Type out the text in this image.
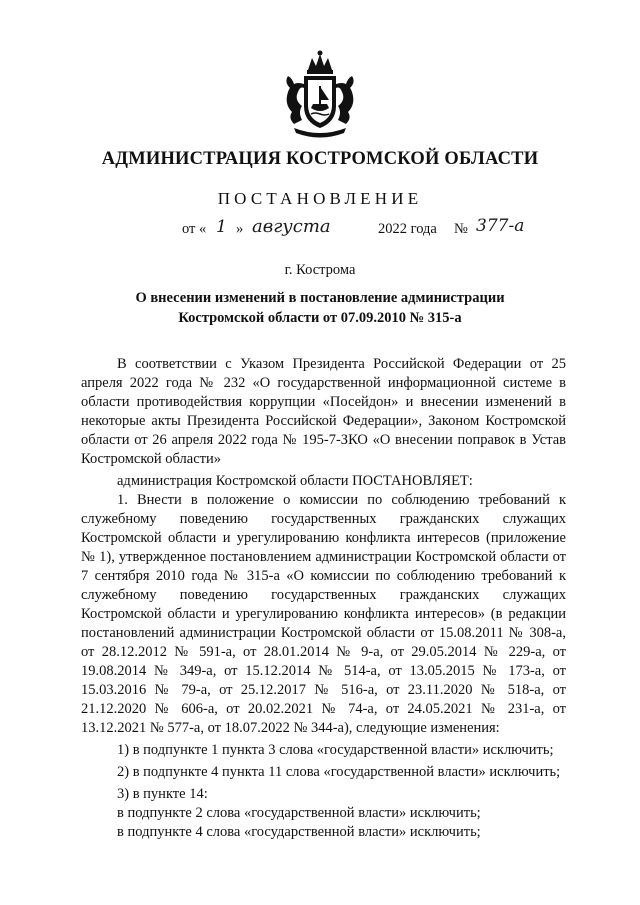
АДМИНИСТРАЦИЯ КОСТРОМСКОЙ ОБЛАСТИ
ПОСТАНОВЛЕНИЕ
от « 1 » августа	2022 года № 377-а
г. Кострома
О внесении изменений в постановление администрации
Костромской области от 07.09.2010 № 315-а

В соответствии с Указом Президента Российской Федерации от 25 апреля 2022 года № 232 «О государственной информационной системе в области противодействия коррупции «Посейдон» и внесении изменений в некоторые акты Президента Российской Федерации», Законом Костромской области от 26 апреля 2022 года № 195-7-ЗКО «О внесении поправок в Устав Костромской области»

администрация Костромской области ПОСТАНОВЛЯЕТ:

1. Внести в положение о комиссии по соблюдению требований к служебному поведению государственных гражданских служащих Костромской области и урегулированию конфликта интересов (приложение № 1), утвержденное постановлением администрации Костромской области от 7 сентября 2010 года № 315-а «О комиссии по соблюдению требований к служебному поведению государственных гражданских служащих Костромской области и урегулированию конфликта интересов» (в редакции постановлений администрации Костромской области от 15.08.2011 № 308-а, от 28.12.2012 № 591-а, от 28.01.2014 № 9-а, от 29.05.2014 № 229-а, от 19.08.2014 № 349-а, от 15.12.2014 № 514-а, от 13.05.2015 № 173-а, от 15.03.2016 № 79-а, от 25.12.2017 № 516-а, от 23.11.2020 № 518-а, от 21.12.2020 № 606-а, от 20.02.2021 № 74-а, от 24.05.2021 № 231-а, от 13.12.2021 № 577-а, от 18.07.2022 № 344-а), следующие изменения:

1) в подпункте 1 пункта 3 слова «государственной власти» исключить;

2) в подпункте 4 пункта 11 слова «государственной власти» исключить;

3) в пункте 14:

в подпункте 2 слова «государственной власти» исключить;

в подпункте 4 слова «государственной власти» исключить;
